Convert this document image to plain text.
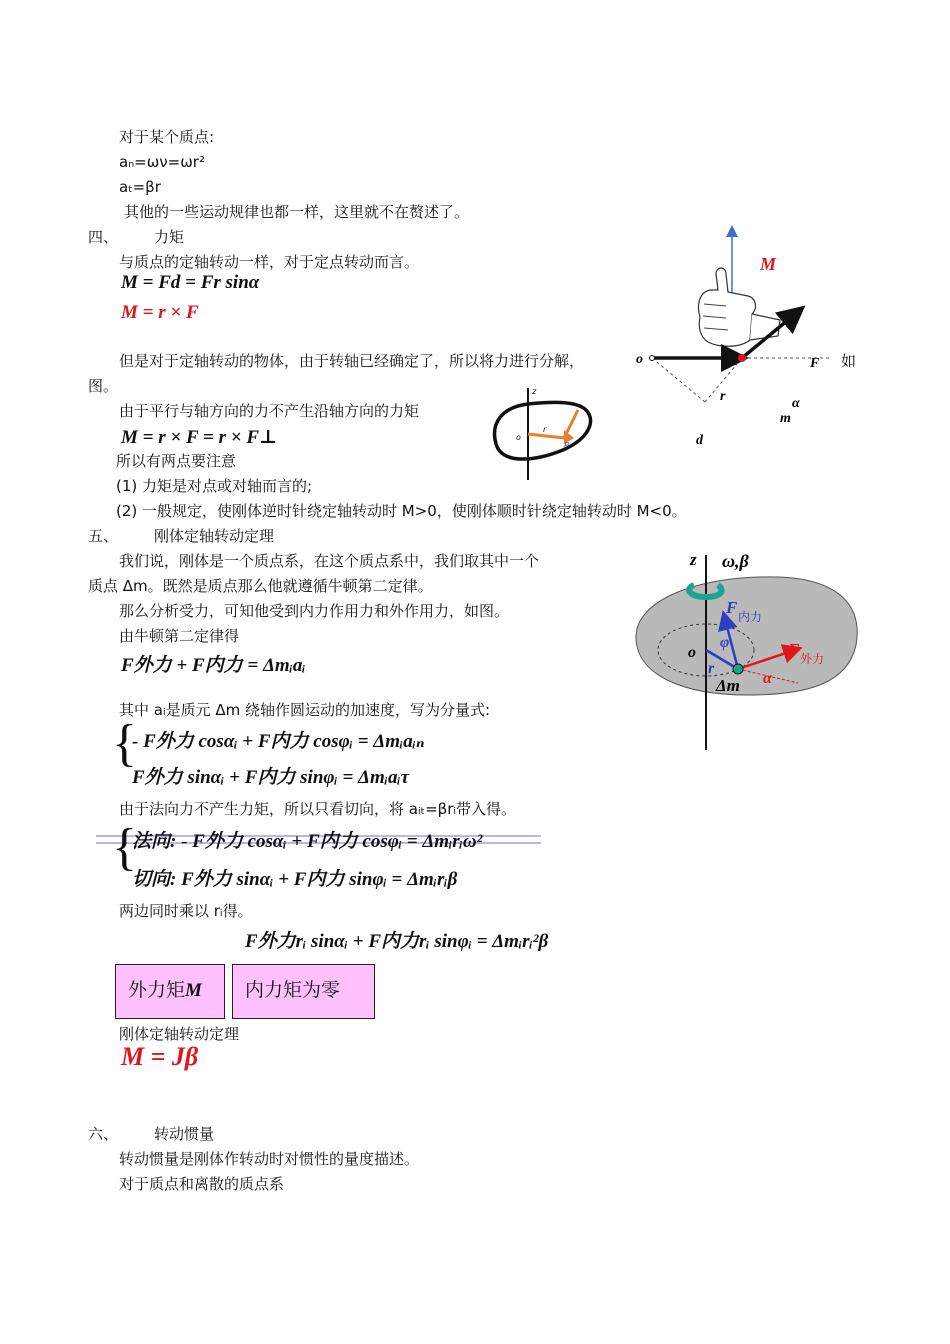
对于某个质点:
aₙ=ων=ωr²
aₜ=βr
其他的一些运动规律也都一样，这里就不在赘述了。
四、 力矩
与质点的定轴转动一样，对于定点转动而言。
M = Fd = Fr sinα
M = r × F
但是对于定轴转动的物体，由于转轴已经确定了，所以将力进行分解，	如
图。
由于平行与轴方向的力不产生沿轴方向的力矩
M = r × F = r × F⊥
所以有两点要注意
(1) 力矩是对点或对轴而言的;
(2) 一般规定，使刚体逆时针绕定轴转动时 M>0，使刚体顺时针绕定轴转动时 M<0。
五、 刚体定轴转动定理
我们说，刚体是一个质点系，在这个质点系中，我们取其中一个
质点 Δm。既然是质点那么他就遵循牛顿第二定律。
那么分析受力，可知他受到内力作用力和外作用力，如图。
由牛顿第二定律得
F外力 + F内力 = Δmᵢaᵢ
其中 aᵢ是质元 Δm 绕轴作圆运动的加速度，写为分量式:
{
- F外力 cosαᵢ + F内力 cosφᵢ = Δmᵢaᵢₙ
F外力 sinαᵢ + F内力 sinφᵢ = Δmᵢaᵢτ
由于法向力不产生力矩，所以只看切向，将 aᵢₜ=βrᵢ带入得。
{
法向: - F外力 cosαᵢ + F内力 cosφᵢ = Δmᵢrᵢω²
切向: F外力 sinαᵢ + F内力 sinφᵢ = Δmᵢrᵢβ
两边同时乘以 rᵢ得。
F外力rᵢ sinαᵢ + F内力rᵢ sinφᵢ = Δmᵢrᵢ²β
外力矩M	内力矩为零
刚体定轴转动定理
M = Jβ
六、 转动惯量
转动惯量是刚体作转动时对惯性的量度描述。
对于质点和离散的质点系
M
o	F
r	α
m
d
z
o
r
P
z ω,β
F 内力
φ
o
r
F 外力
Δm α
